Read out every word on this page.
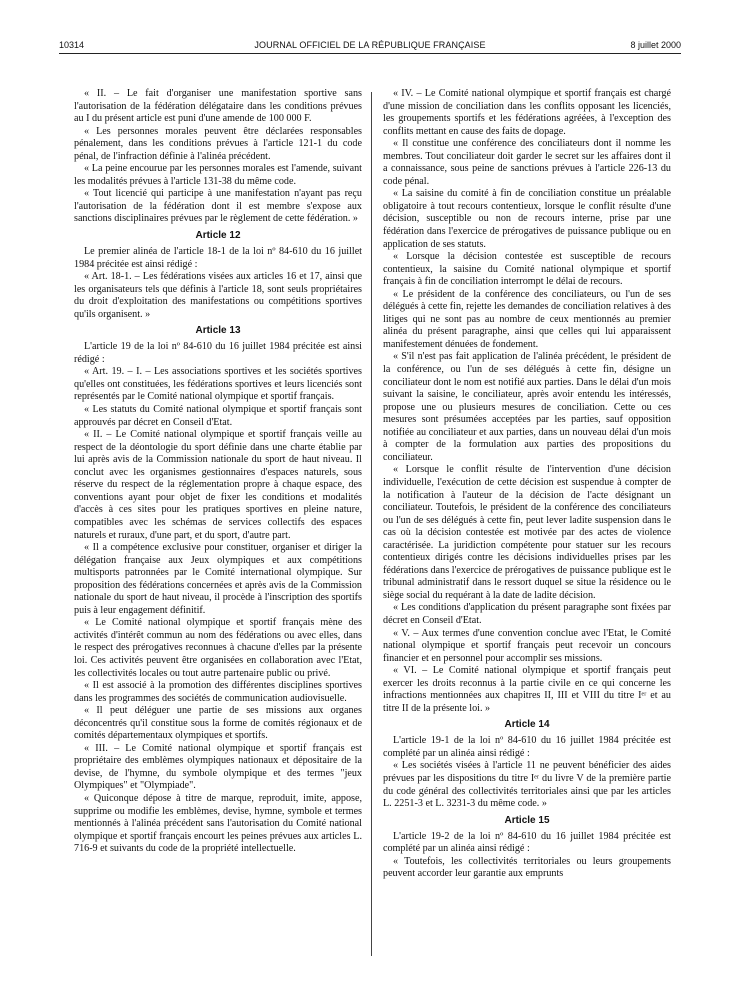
10314	JOURNAL OFFICIEL DE LA RÉPUBLIQUE FRANÇAISE	8 juillet 2000

« II. – Le fait d'organiser une manifestation sportive sans l'autorisation de la fédération délégataire dans les conditions prévues au I du présent article est puni d'une amende de 100 000 F.

« Les personnes morales peuvent être déclarées responsables pénalement, dans les conditions prévues à l'article 121-1 du code pénal, de l'infraction définie à l'alinéa précédent.

« La peine encourue par les personnes morales est l'amende, suivant les modalités prévues à l'article 131-38 du même code.

« Tout licencié qui participe à une manifestation n'ayant pas reçu l'autorisation de la fédération dont il est membre s'expose aux sanctions disciplinaires prévues par le règlement de cette fédération. »

Article 12

Le premier alinéa de l'article 18-1 de la loi nº 84-610 du 16 juillet 1984 précitée est ainsi rédigé :

« Art. 18-1. – Les fédérations visées aux articles 16 et 17, ainsi que les organisateurs tels que définis à l'article 18, sont seuls propriétaires du droit d'exploitation des manifestations ou compétitions sportives qu'ils organisent. »

Article 13

L'article 19 de la loi nº 84-610 du 16 juillet 1984 précitée est ainsi rédigé :

« Art. 19. – I. – Les associations sportives et les sociétés sportives qu'elles ont constituées, les fédérations sportives et leurs licenciés sont représentés par le Comité national olympique et sportif français.

« Les statuts du Comité national olympique et sportif français sont approuvés par décret en Conseil d'Etat.

« II. – Le Comité national olympique et sportif français veille au respect de la déontologie du sport définie dans une charte établie par lui après avis de la Commission nationale du sport de haut niveau. Il conclut avec les organismes gestionnaires d'espaces naturels, sous réserve du respect de la réglementation propre à chaque espace, des conventions ayant pour objet de fixer les conditions et modalités d'accès à ces sites pour les pratiques sportives en pleine nature, compatibles avec les schémas de services collectifs des espaces naturels et ruraux, d'une part, et du sport, d'autre part.

« Il a compétence exclusive pour constituer, organiser et diriger la délégation française aux Jeux olympiques et aux compétitions multisports patronnées par le Comité international olympique. Sur proposition des fédérations concernées et après avis de la Commission nationale du sport de haut niveau, il procède à l'inscription des sportifs puis à leur engagement définitif.

« Le Comité national olympique et sportif français mène des activités d'intérêt commun au nom des fédérations ou avec elles, dans le respect des prérogatives reconnues à chacune d'elles par la présente loi. Ces activités peuvent être organisées en collaboration avec l'Etat, les collectivités locales ou tout autre partenaire public ou privé.

« Il est associé à la promotion des différentes disciplines sportives dans les programmes des sociétés de communication audiovisuelle.

« Il peut déléguer une partie de ses missions aux organes déconcentrés qu'il constitue sous la forme de comités régionaux et de comités départementaux olympiques et sportifs.

« III. – Le Comité national olympique et sportif français est propriétaire des emblèmes olympiques nationaux et dépositaire de la devise, de l'hymne, du symbole olympique et des termes "jeux Olympiques" et "Olympiade".

« Quiconque dépose à titre de marque, reproduit, imite, appose, supprime ou modifie les emblèmes, devise, hymne, symbole et termes mentionnés à l'alinéa précédent sans l'autorisation du Comité national olympique et sportif français encourt les peines prévues aux articles L. 716-9 et suivants du code de la propriété intellectuelle.

« IV. – Le Comité national olympique et sportif français est chargé d'une mission de conciliation dans les conflits opposant les licenciés, les groupements sportifs et les fédérations agréées, à l'exception des conflits mettant en cause des faits de dopage.

« Il constitue une conférence des conciliateurs dont il nomme les membres. Tout conciliateur doit garder le secret sur les affaires dont il a connaissance, sous peine de sanctions prévues à l'article 226-13 du code pénal.

« La saisine du comité à fin de conciliation constitue un préalable obligatoire à tout recours contentieux, lorsque le conflit résulte d'une décision, susceptible ou non de recours interne, prise par une fédération dans l'exercice de prérogatives de puissance publique ou en application de ses statuts.

« Lorsque la décision contestée est susceptible de recours contentieux, la saisine du Comité national olympique et sportif français à fin de conciliation interrompt le délai de recours.

« Le président de la conférence des conciliateurs, ou l'un de ses délégués à cette fin, rejette les demandes de conciliation relatives à des litiges qui ne sont pas au nombre de ceux mentionnés au premier alinéa du présent paragraphe, ainsi que celles qui lui apparaissent manifestement dénuées de fondement.

« S'il n'est pas fait application de l'alinéa précédent, le président de la conférence, ou l'un de ses délégués à cette fin, désigne un conciliateur dont le nom est notifié aux parties. Dans le délai d'un mois suivant la saisine, le conciliateur, après avoir entendu les intéressés, propose une ou plusieurs mesures de conciliation. Cette ou ces mesures sont présumées acceptées par les parties, sauf opposition notifiée au conciliateur et aux parties, dans un nouveau délai d'un mois à compter de la formulation aux parties des propositions du conciliateur.

« Lorsque le conflit résulte de l'intervention d'une décision individuelle, l'exécution de cette décision est suspendue à compter de la notification à l'auteur de la décision de l'acte désignant un conciliateur. Toutefois, le président de la conférence des conciliateurs ou l'un de ses délégués à cette fin, peut lever ladite suspension dans le cas où la décision contestée est motivée par des actes de violence caractérisée. La juridiction compétente pour statuer sur les recours contentieux dirigés contre les décisions individuelles prises par les fédérations dans l'exercice de prérogatives de puissance publique est le tribunal administratif dans le ressort duquel se situe la résidence ou le siège social du requérant à la date de ladite décision.

« Les conditions d'application du présent paragraphe sont fixées par décret en Conseil d'Etat.

« V. – Aux termes d'une convention conclue avec l'Etat, le Comité national olympique et sportif français peut recevoir un concours financier et en personnel pour accomplir ses missions.

« VI. – Le Comité national olympique et sportif français peut exercer les droits reconnus à la partie civile en ce qui concerne les infractions mentionnées aux chapitres II, III et VIII du titre Iᵉʳ et au titre II de la présente loi. »

Article 14

L'article 19-1 de la loi nº 84-610 du 16 juillet 1984 précitée est complété par un alinéa ainsi rédigé :

« Les sociétés visées à l'article 11 ne peuvent bénéficier des aides prévues par les dispositions du titre Iᵉʳ du livre V de la première partie du code général des collectivités territoriales ainsi que par les articles L. 2251-3 et L. 3231-3 du même code. »

Article 15

L'article 19-2 de la loi nº 84-610 du 16 juillet 1984 précitée est complété par un alinéa ainsi rédigé :

« Toutefois, les collectivités territoriales ou leurs groupements peuvent accorder leur garantie aux emprunts
